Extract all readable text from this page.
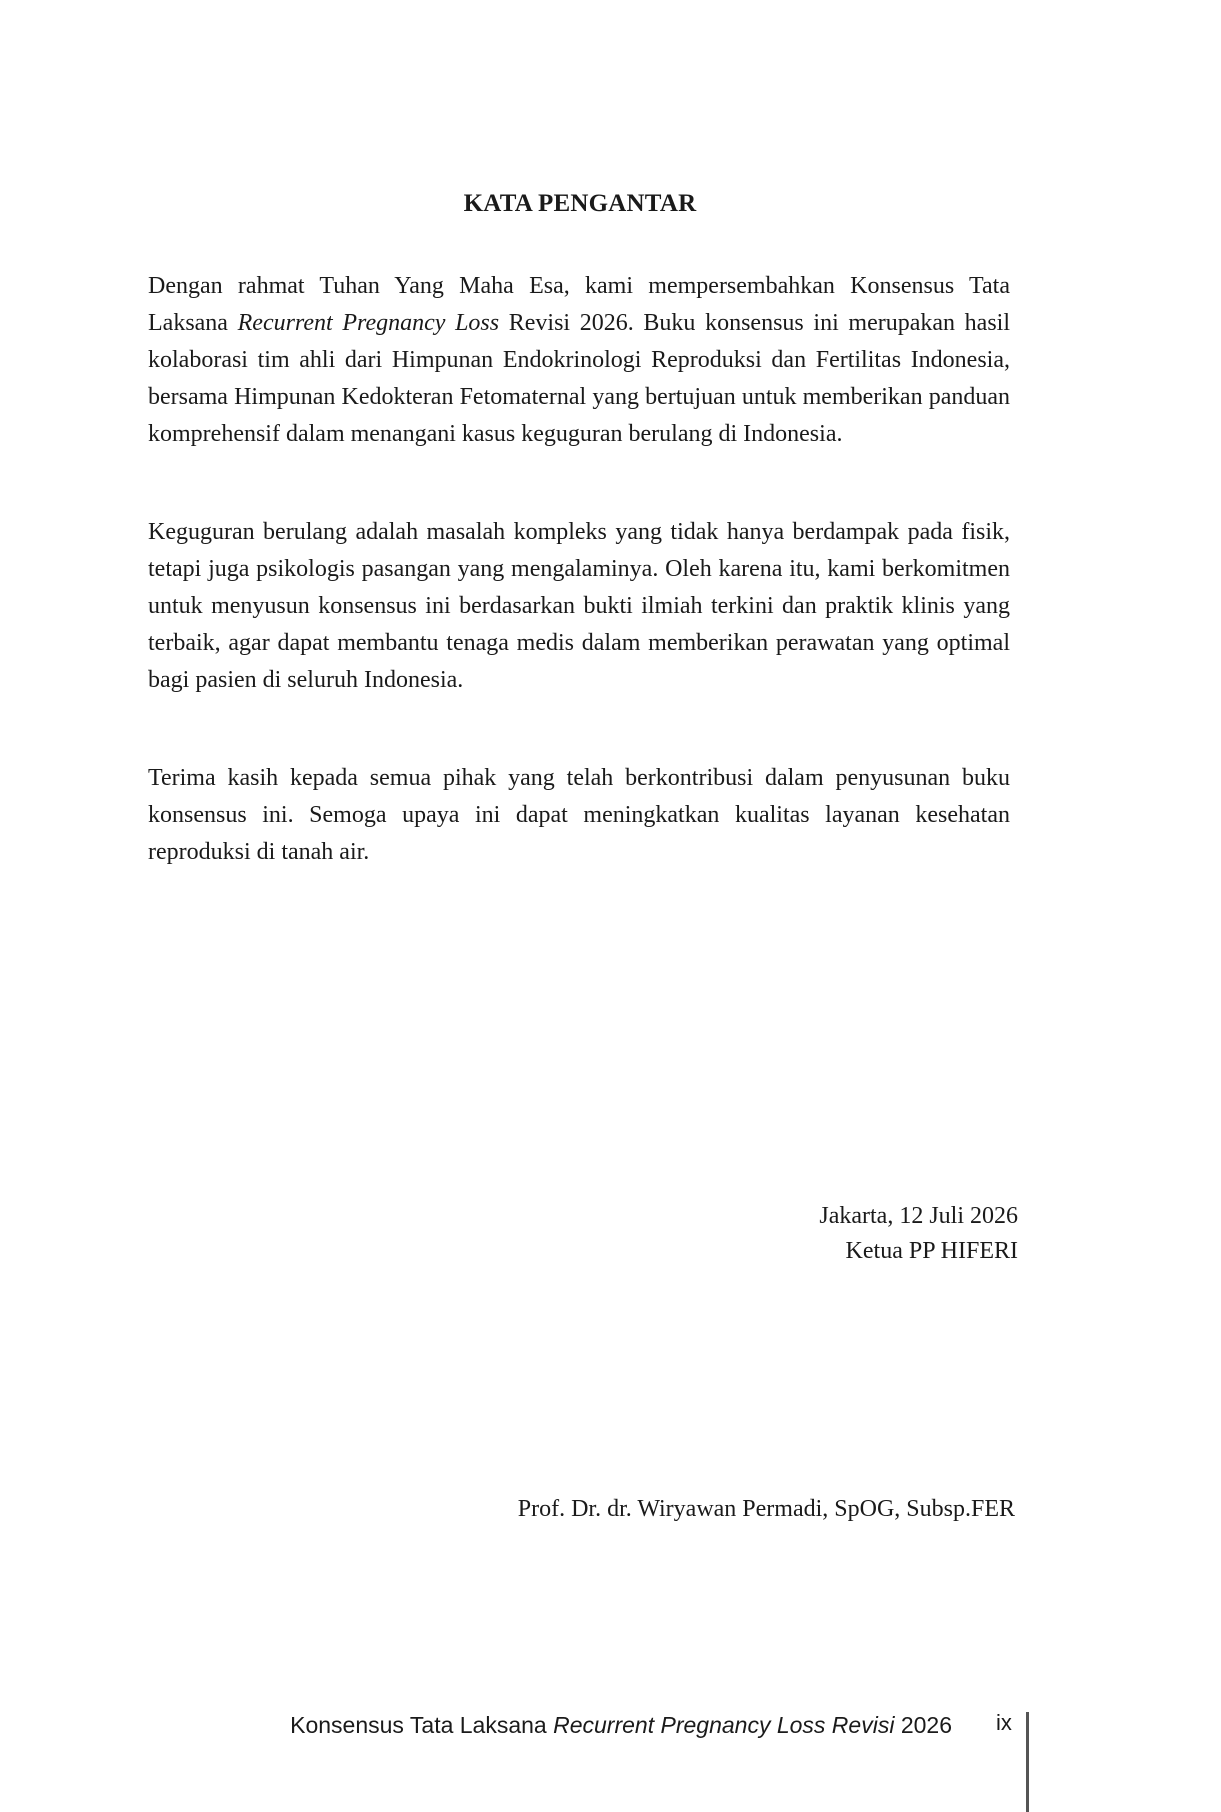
KATA PENGANTAR

Dengan rahmat Tuhan Yang Maha Esa, kami mempersembahkan Konsensus Tata Laksana Recurrent Pregnancy Loss Revisi 2026. Buku konsensus ini merupakan hasil kolaborasi tim ahli dari Himpunan Endokrinologi Reproduksi dan Fertilitas Indonesia, bersama Himpunan Kedokteran Fetomaternal yang bertujuan untuk memberikan panduan komprehensif dalam menangani kasus keguguran berulang di Indonesia.

Keguguran berulang adalah masalah kompleks yang tidak hanya berdampak pada fisik, tetapi juga psikologis pasangan yang mengalaminya. Oleh karena itu, kami berkomitmen untuk menyusun konsensus ini berdasarkan bukti ilmiah terkini dan praktik klinis yang terbaik, agar dapat membantu tenaga medis dalam memberikan perawatan yang optimal bagi pasien di seluruh Indonesia.

Terima kasih kepada semua pihak yang telah berkontribusi dalam penyusunan buku konsensus ini. Semoga upaya ini dapat meningkatkan kualitas layanan kesehatan reproduksi di tanah air.

Jakarta, 12 Juli 2026
Ketua PP HIFERI
Prof. Dr. dr. Wiryawan Permadi, SpOG, Subsp.FER
Konsensus Tata Laksana Recurrent Pregnancy Loss Revisi 2026 ix
